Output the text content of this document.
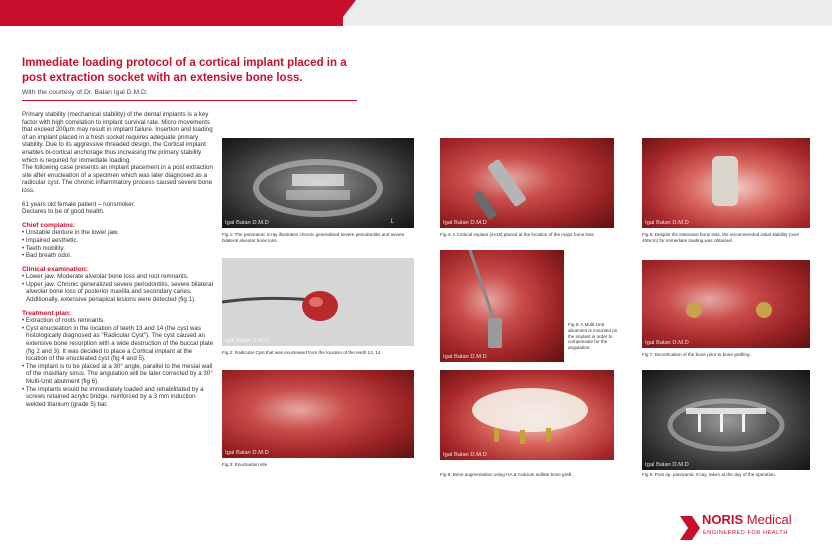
Immediate loading protocol of a cortical implant placed in a post extraction socket with an extensive bone loss.
With the courtesy of Dr. Balan Igal D.M.D.

Primary stability (mechanical stability) of the dental implants is a key factor with high correlation to implant survival rate. Micro movements that exceed 200μm may result in implant failure. Insertion and loading of an implant placed in a fresh socket requires adequate primary stability. Due to its aggressive threaded design, the Cortical implant enables bi-cortical anchorage thus increasing the primary stability which is required for immediate loading.

The following case presents an implant placement in a post extraction site after enucleation of a specimen which was later diagnosed as a radicular cyst. The chronic inflammatory process caused severe bone loss.

61 years old female patient – nonsmoker.

Declares to be of good health.

Chief complains:
• Unstable denture in the lower jaw.
• Impaired aesthetic.
• Teeth mobility.
• Bad breath odor.
Clinical examination:
• Lower jaw: Moderate alveolar bone loss and root remnants.
• Upper jaw: Chronic generalized severe periodontitis, severe bilateral alveolar bone loss of posterior maxilla and secondary caries. Additionally, extensive periapical lesions were detected (fig 1).
Treatment plan:
• Extraction of roots remnants.
• Cyst enucleation in the location of teeth 13 and 14 (the cyst was histologically diagnosed as "Radicular Cyst"). The cyst caused an extensive bone resorption with a wide destruction of the buccal plate (fig 2 and 3). It was decided to place a Cortical implant at the location of the enucleated cyst (fig 4 and 5).
• The implant is to be placed at a 30° angle, parallel to the mesial wall of the maxillary sinus. The angulation will be later corrected by a 30° Multi-Unit abutment (fig 6).
• The implants would be immediately loaded and rehabilitated by a screws retained acrylic bridge, reinforced by a 3 mm induction welded titanium (grade 5) bar.
L
Igal Balan D.M.D
Fig 1: The panoramic X-ray illustrates chronic generalized severe periodontitis and severe bilateral alveolar bone loss.
Igal Balan D.M.D
Fig 2: Radicular Cyst that was enucleated from the location of the teeth 13, 14.
Igal Balan D.M.D
Fig 3: Enucleation site
Igal Balan D.M.D
Fig 4: A Cortical implant (4x16) placed at the location of the major bone loss.
Igal Balan D.M.D
Fig 6: A Multi-Unit abutment is mounted on the implant in order to compensate for the angulation.
Igal Balan D.M.D
Fig 8: Bone augmentation using HA & Calcium sulfate bone graft.
Igal Balan D.M.D
Fig 5: Despite the extensive bone loss, the recommended initial stability (over 45Ncm) for immediate loading was obtained.
Igal Balan D.M.D
Fig 7: Decortication of the bone prior to bone grafting.
Igal Balan D.M.D
Fig 9: Post op. panoramic X-ray, taken at the day of the operation.
NORIS Medical
ENGINEERED FOR HEALTH
